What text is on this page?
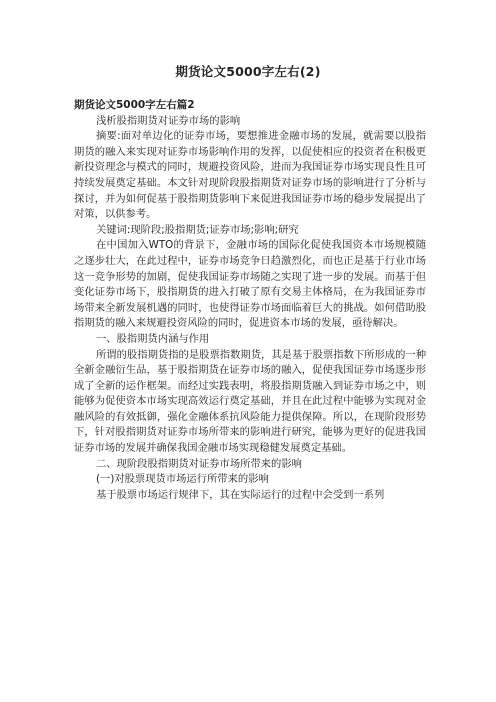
期货论文5000字左右(2)

期货论文5000字左右篇2

浅析股指期货对证券市场的影响

摘要:面对单边化的证券市场，要想推进金融市场的发展，就需要以股指期货的融入来实现对证券市场影响作用的发挥，以促使相应的投资者在积极更新投资理念与模式的同时，规避投资风险，进而为我国证券市场实现良性且可持续发展奠定基础。本文针对现阶段股指期货对证券市场的影响进行了分析与探讨，并为如何促基于股指期货影响下来促进我国证券市场的稳步发展提出了对策，以供参考。

关键词:现阶段;股指期货;证券市场;影响;研究

在中国加入WTO的背景下，金融市场的国际化促使我国资本市场规模随之逐步壮大，在此过程中，证券市场竞争日趋激烈化，而也正是基于行业市场这一竞争形势的加剧，促使我国证券市场随之实现了进一步的发展。而基于但变化证券市场下，股指期货的进入打破了原有交易主体格局，在为我国证券市场带来全新发展机遇的同时，也使得证券市场面临着巨大的挑战。如何借助股指期货的融入来规避投资风险的同时，促进资本市场的发展，亟待解决。

一、股指期货内涵与作用

所谓的股指期货指的是股票指数期货，其是基于股票指数下所形成的一种全新金融衍生品，基于股指期货在证券市场的融入，促使我国证券市场逐步形成了全新的运作框架。而经过实践表明，将股指期货融入到证券市场之中，则能够为促使资本市场实现高效运行奠定基础，并且在此过程中能够为实现对金融风险的有效抵御，强化金融体系抗风险能力提供保障。所以，在现阶段形势下，针对股指期货对证券市场所带来的影响进行研究，能够为更好的促进我国证券市场的发展并确保我国金融市场实现稳健发展奠定基础。

二、现阶段股指期货对证券市场所带来的影响

(一)对股票现货市场运行所带来的影响

基于股票市场运行规律下，其在实际运行的过程中会受到一系列
